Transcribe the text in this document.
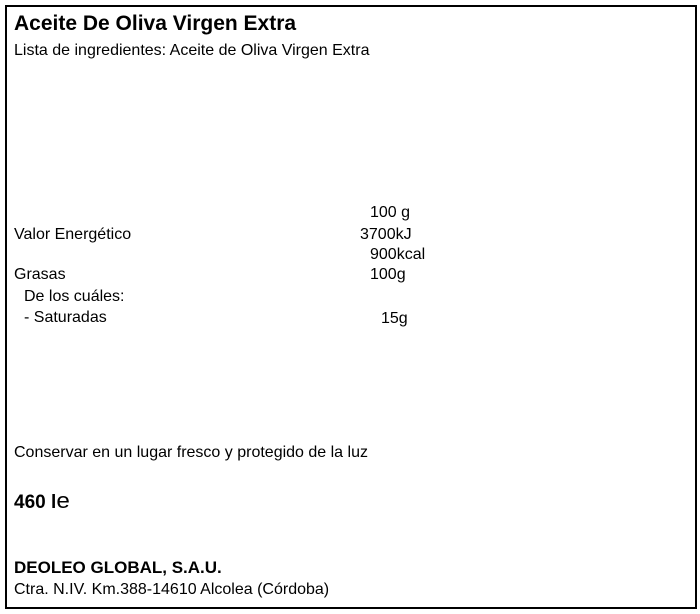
Aceite De Oliva Virgen Extra
Lista de ingredientes: Aceite de Oliva Virgen Extra
100 g
Valor Energético	3700kJ
900kcal
Grasas	100g
De los cuáles:
- Saturadas	15g
Conservar en un lugar fresco y protegido de la luz
460 le
DEOLEO GLOBAL, S.A.U.
Ctra. N.IV. Km.388-14610 Alcolea (Córdoba)
